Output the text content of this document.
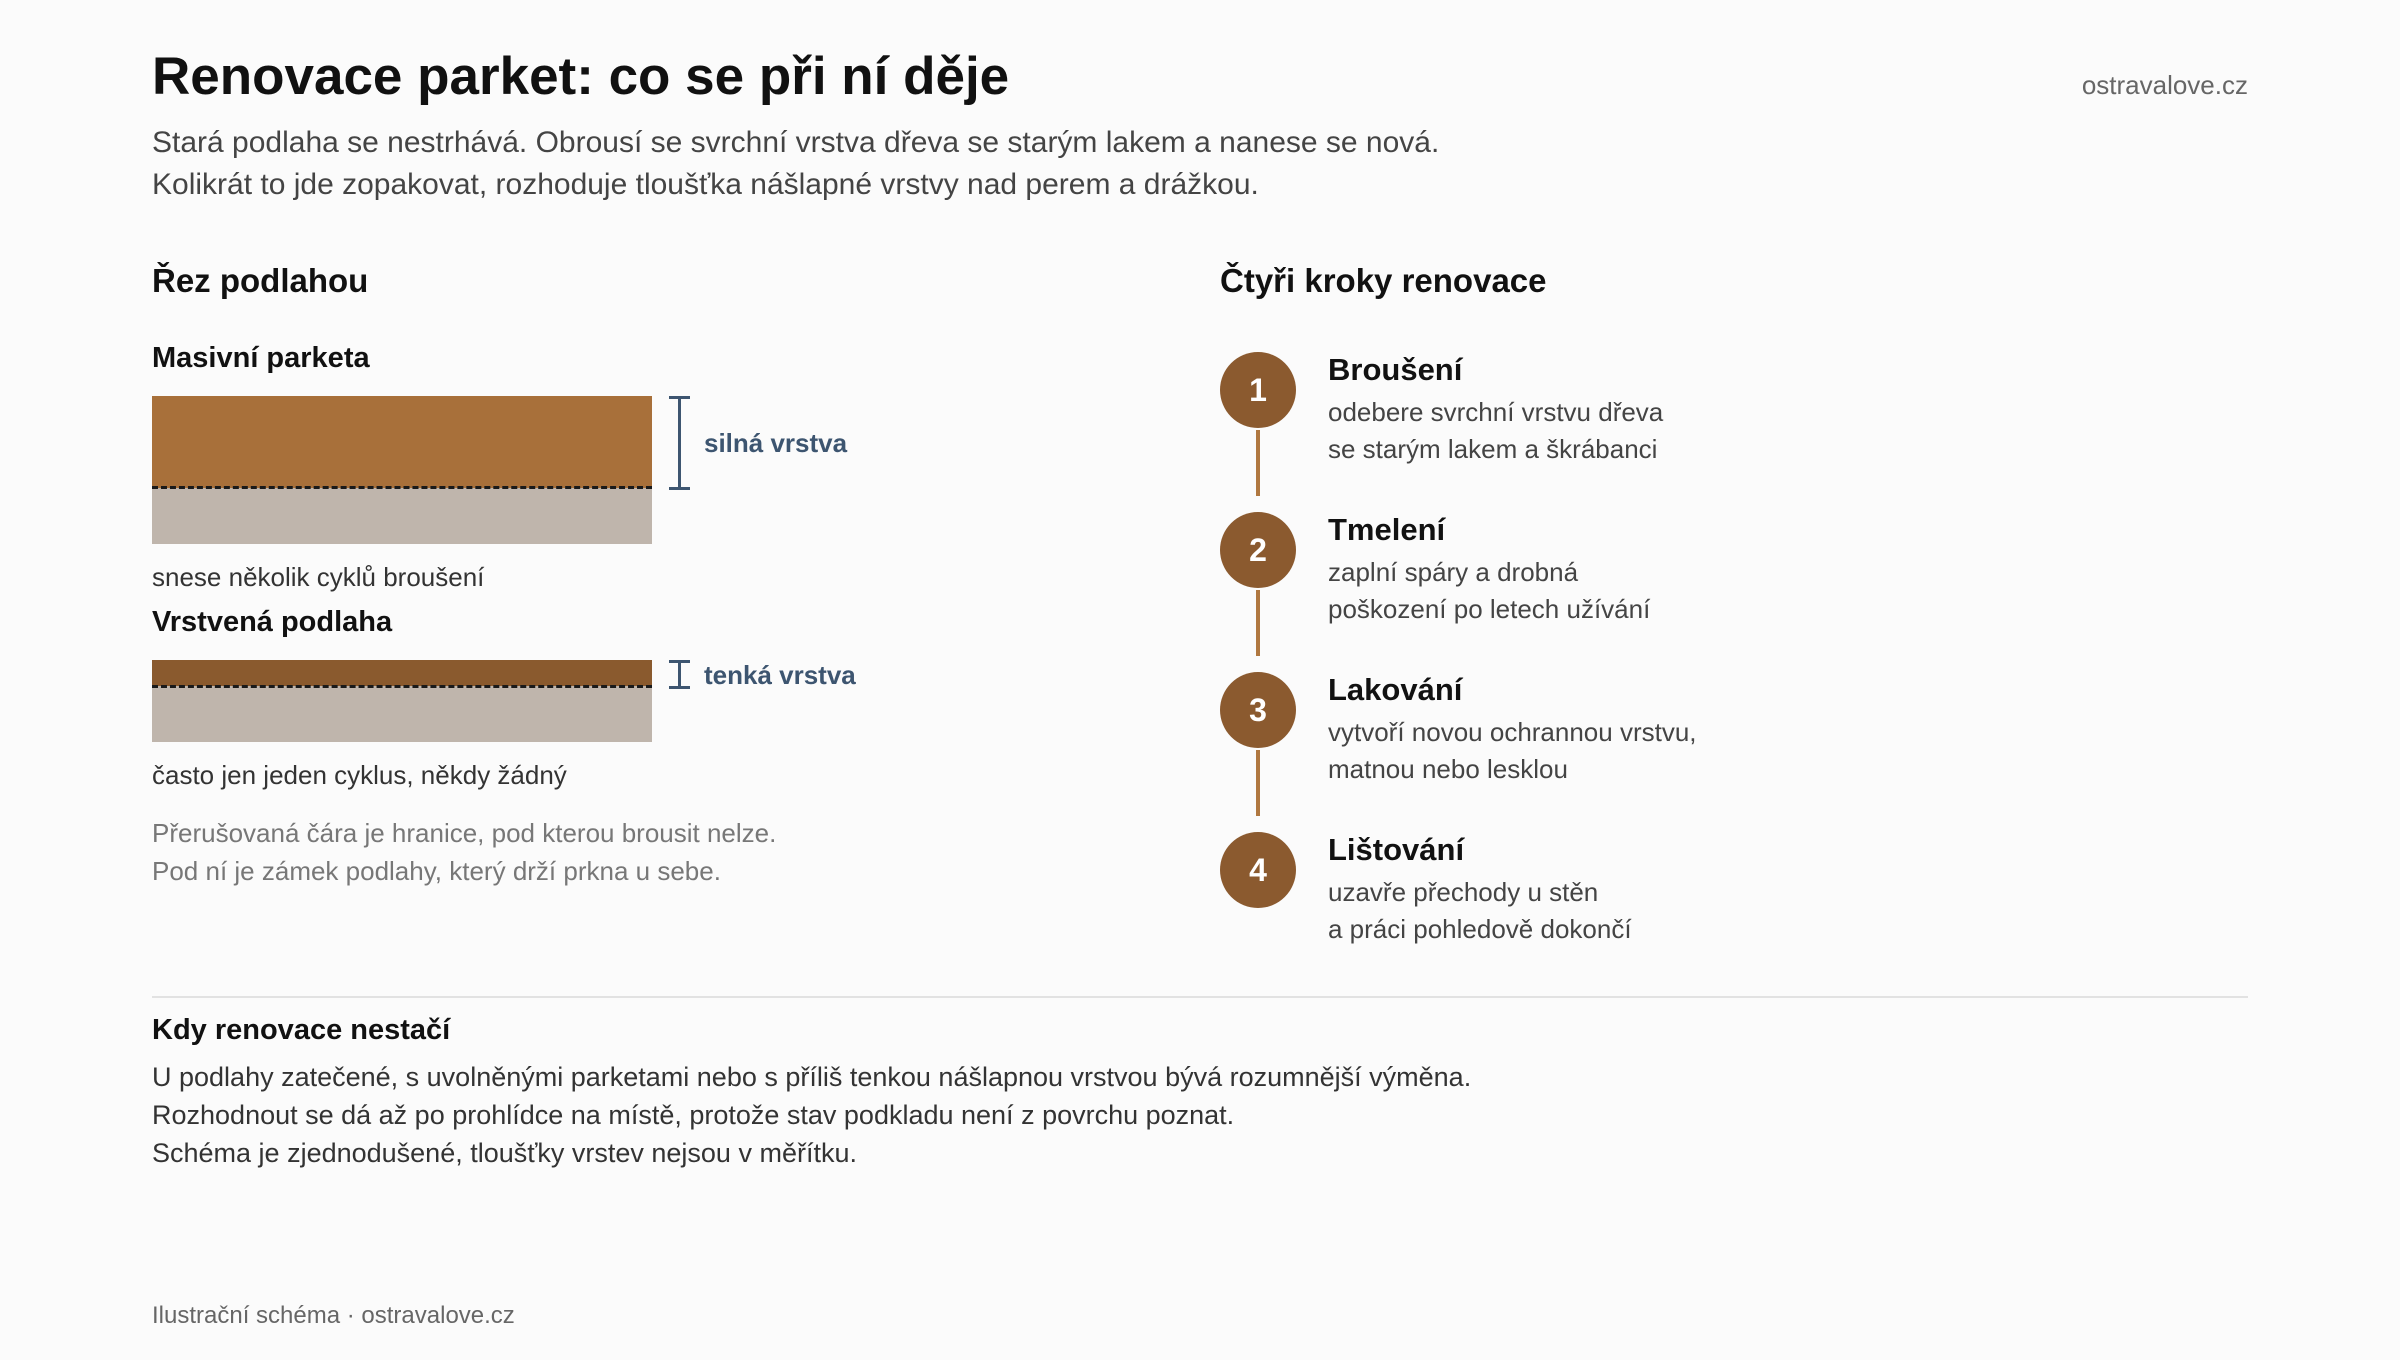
Renovace parket: co se při ní děje	ostravalove.cz
Stará podlaha se nestrhává. Obrousí se svrchní vrstva dřeva se starým lakem a nanese se nová.
Kolikrát to jde zopakovat, rozhoduje tloušťka nášlapné vrstvy nad perem a drážkou.
Řez podlahou
Masivní parketa
silná vrstva
snese několik cyklů broušení
Vrstvená podlaha
tenká vrstva
často jen jeden cyklus, někdy žádný
Přerušovaná čára je hranice, pod kterou brousit nelze.
Pod ní je zámek podlahy, který drží prkna u sebe.
Čtyři kroky renovace
1
Broušení
odebere svrchní vrstvu dřeva
se starým lakem a škrábanci
2
Tmelení
zaplní spáry a drobná
poškození po letech užívání
3
Lakování
vytvoří novou ochrannou vrstvu,
matnou nebo lesklou
4
Lištování
uzavře přechody u stěn
a práci pohledově dokončí
Kdy renovace nestačí
U podlahy zatečené, s uvolněnými parketami nebo s příliš tenkou nášlapnou vrstvou bývá rozumnější výměna.
Rozhodnout se dá až po prohlídce na místě, protože stav podkladu není z povrchu poznat.
Schéma je zjednodušené, tloušťky vrstev nejsou v měřítku.
Ilustrační schéma · ostravalove.cz
